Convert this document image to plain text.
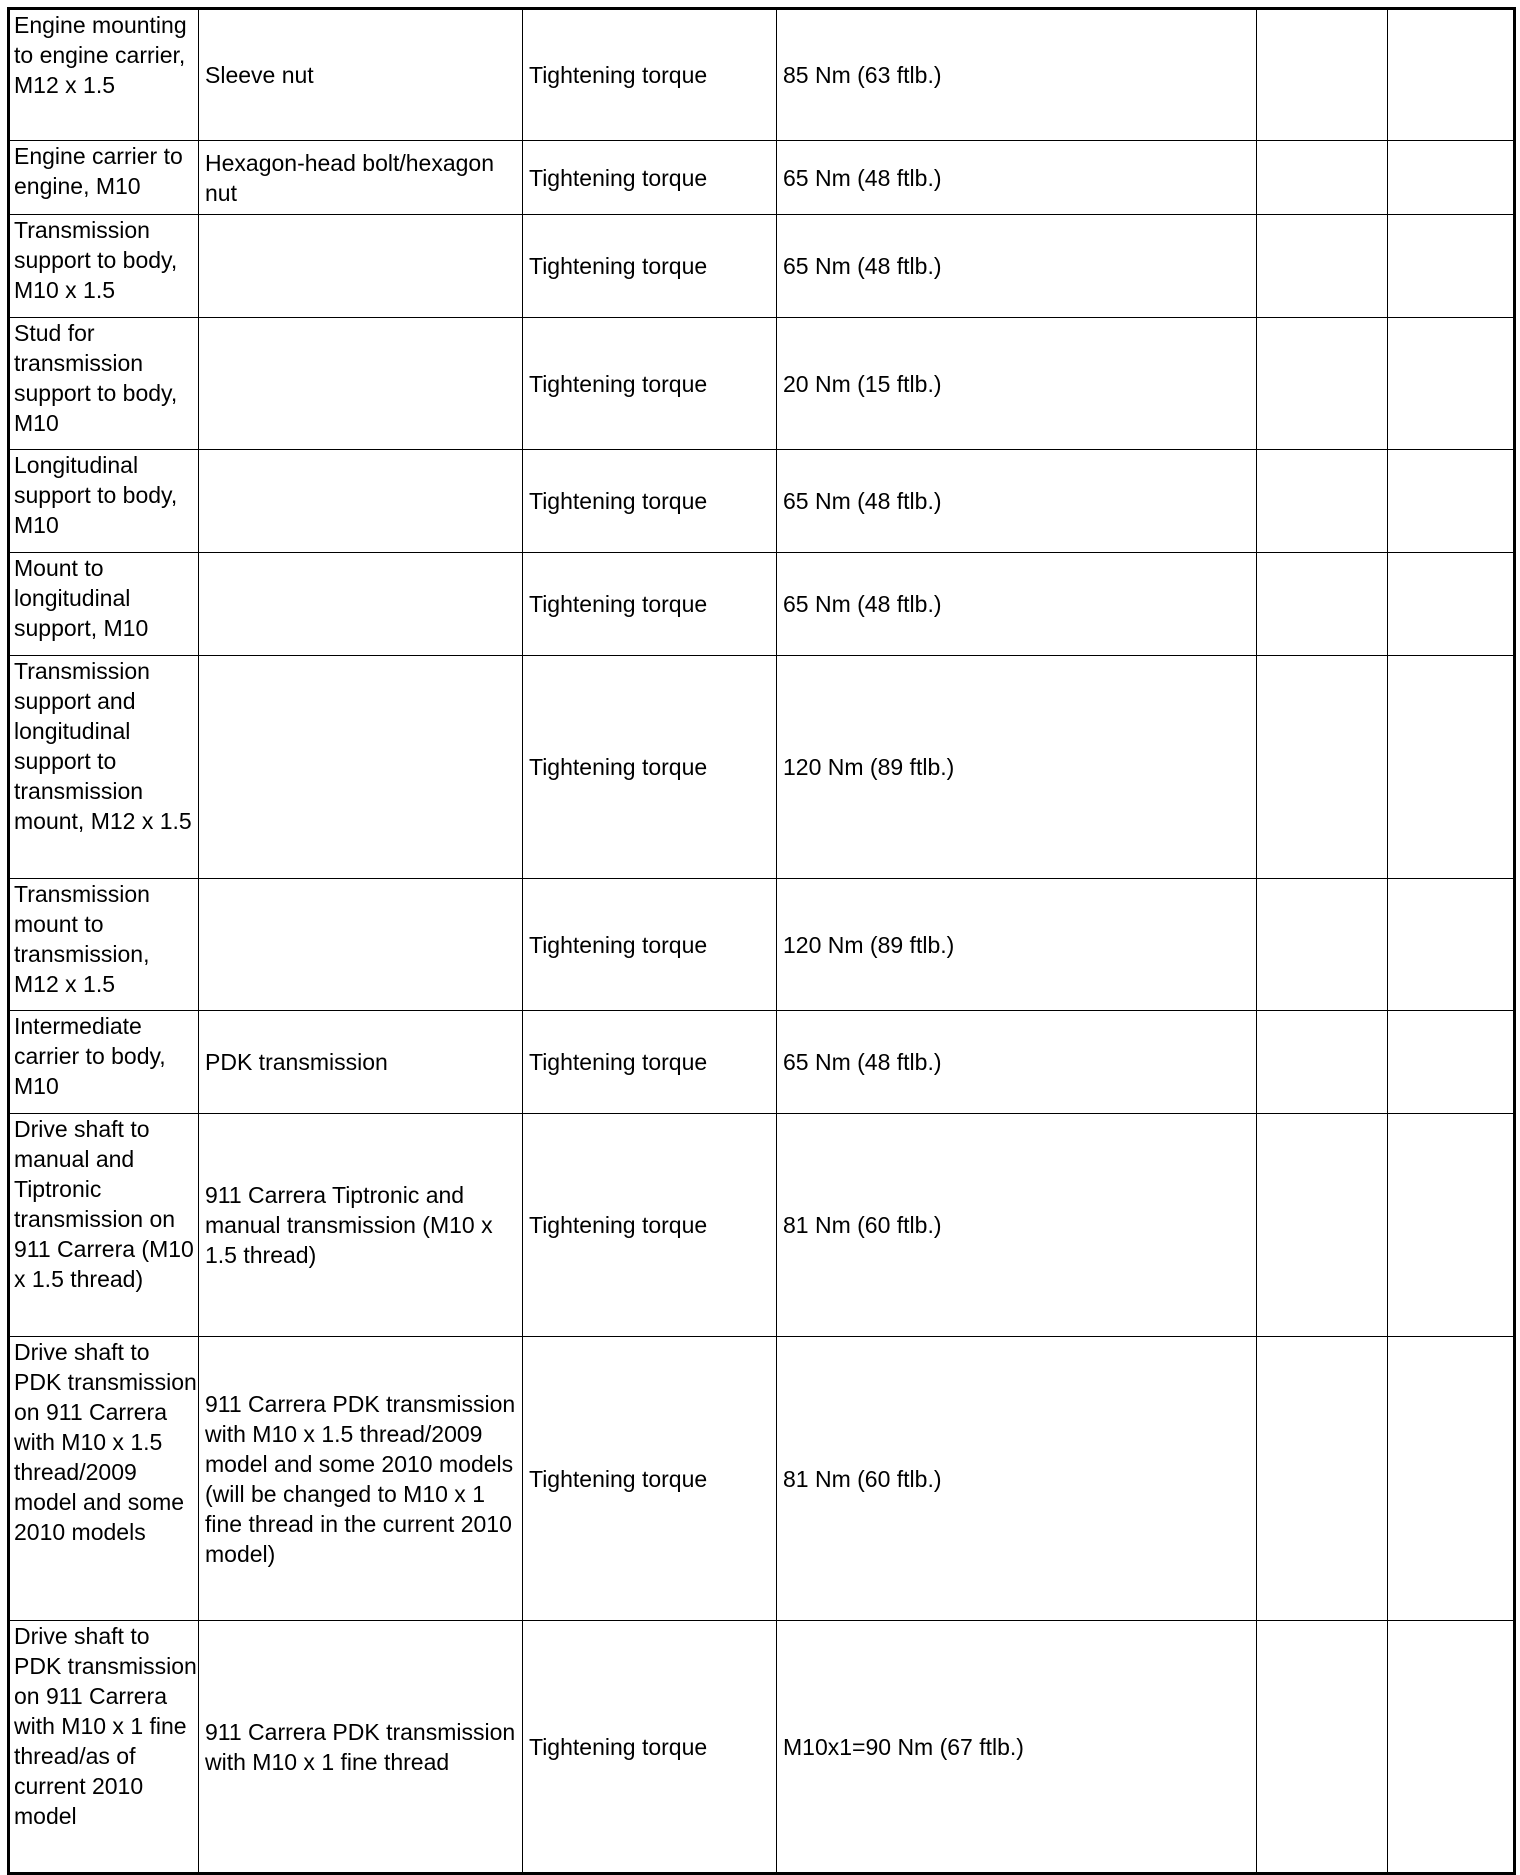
Engine mounting to engine carrier, M12 x 1.5	Sleeve nut	Tightening torque	85 Nm (63 ftlb.)		
Engine carrier to engine, M10	Hexagon-head bolt/hexagon nut	Tightening torque	65 Nm (48 ftlb.)		
Transmission support to body, M10 x 1.5		Tightening torque	65 Nm (48 ftlb.)		
Stud for transmission support to body, M10		Tightening torque	20 Nm (15 ftlb.)		
Longitudinal support to body, M10		Tightening torque	65 Nm (48 ftlb.)		
Mount to longitudinal support, M10		Tightening torque	65 Nm (48 ftlb.)		
Transmission support and longitudinal support to transmission mount, M12 x 1.5		Tightening torque	120 Nm (89 ftlb.)		
Transmission mount to transmission, M12 x 1.5		Tightening torque	120 Nm (89 ftlb.)		
Intermediate carrier to body, M10	PDK transmission	Tightening torque	65 Nm (48 ftlb.)		
Drive shaft to manual and Tiptronic transmission on 911 Carrera (M10 x 1.5 thread)	911 Carrera Tiptronic and manual transmission (M10 x 1.5 thread)	Tightening torque	81 Nm (60 ftlb.)		
Drive shaft to PDK transmission on 911 Carrera with M10 x 1.5 thread/2009 model and some 2010 models	911 Carrera PDK transmission with M10 x 1.5 thread/2009 model and some 2010 models (will be changed to M10 x 1 fine thread in the current 2010 model)	Tightening torque	81 Nm (60 ftlb.)		
Drive shaft to PDK transmission on 911 Carrera with M10 x 1 fine thread/as of current 2010 model	911 Carrera PDK transmission with M10 x 1 fine thread	Tightening torque	M10x1=90 Nm (67 ftlb.)		
